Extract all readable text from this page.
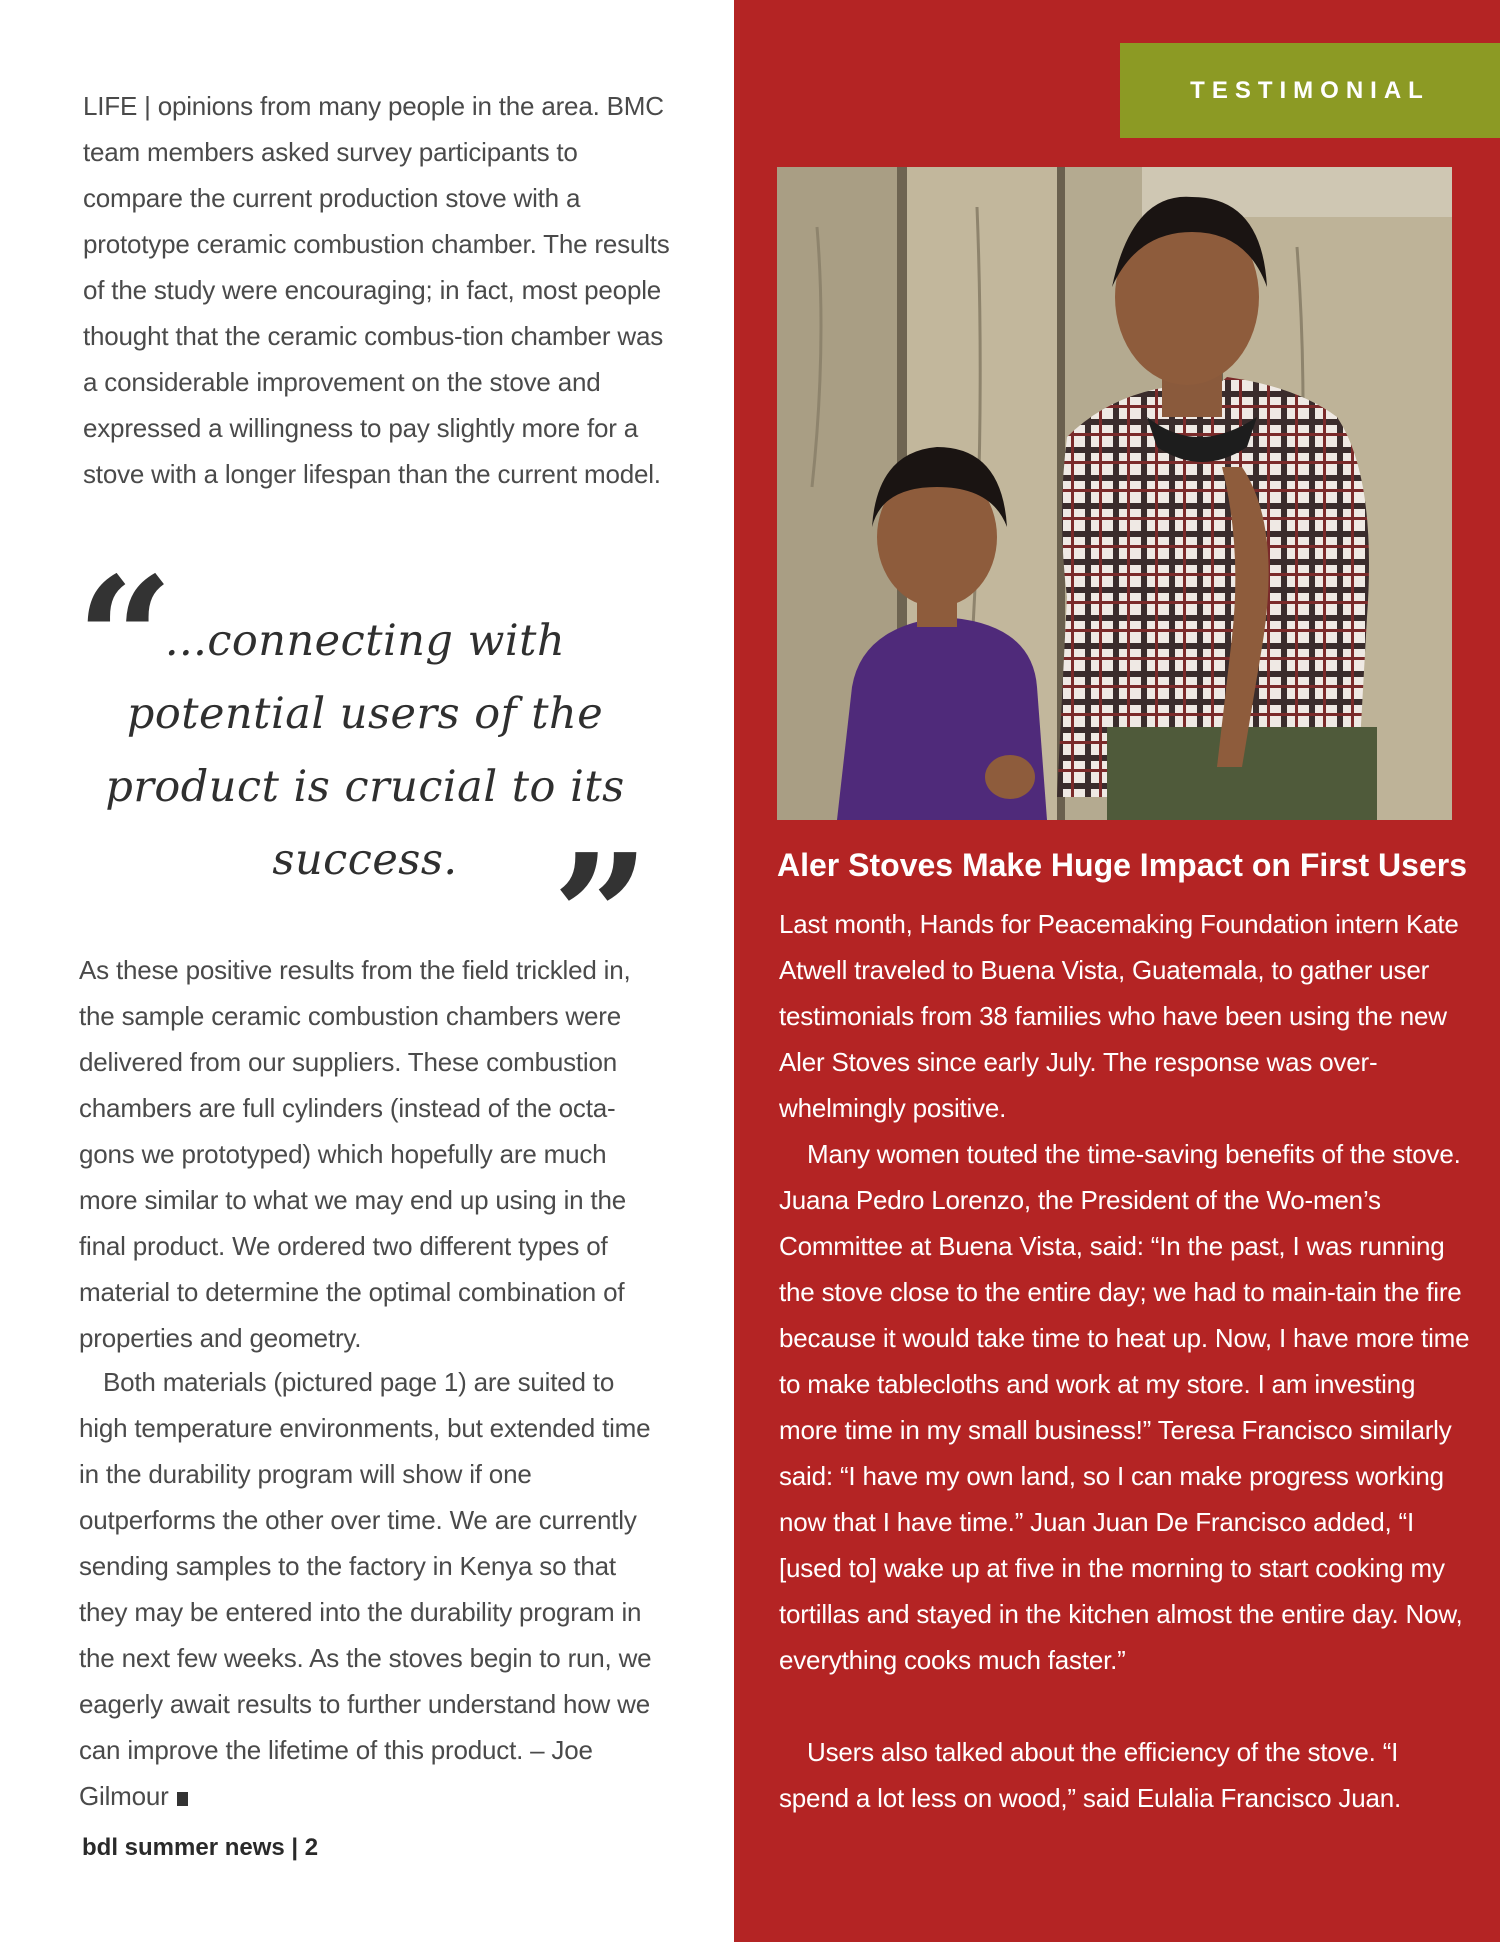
LIFE | opinions from many people in the area. BMC team members asked survey participants to compare the current production stove with a prototype ceramic combustion chamber. The results of the study were encouraging; in fact, most people thought that the ceramic combus-tion chamber was a considerable improvement on the stove and expressed a willingness to pay slightly more for a stove with a longer lifespan than the current model.

“

...connecting with potential users of the product is crucial to its success. ”

As these positive results from the field trickled in, the sample ceramic combustion chambers were delivered from our suppliers. These combustion chambers are full cylinders (instead of the octa-gons we prototyped) which hopefully are much more similar to what we may end up using in the final product. We ordered two different types of material to determine the optimal combination of properties and geometry.

Both materials (pictured page 1) are suited to high temperature environments, but extended time in the durability program will show if one outperforms the other over time. We are currently sending samples to the factory in Kenya so that they may be entered into the durability program in the next few weeks. As the stoves begin to run, we eagerly await results to further understand how we can improve the lifetime of this product. – Joe Gilmour

bdl summer news | 2

TESTIMONIAL
Aler Stoves Make Huge Impact on First Users

Last month, Hands for Peacemaking Foundation intern Kate Atwell traveled to Buena Vista, Guatemala, to gather user testimonials from 38 families who have been using the new Aler Stoves since early July. The response was over-whelmingly positive.

Many women touted the time-saving benefits of the stove. Juana Pedro Lorenzo, the President of the Wo-men’s Committee at Buena Vista, said: “In the past, I was running the stove close to the entire day; we had to main-tain the fire because it would take time to heat up. Now, I have more time to make tablecloths and work at my store. I am investing more time in my small business!” Teresa Francisco similarly said: “I have my own land, so I can make progress working now that I have time.” Juan Juan De Francisco added, “I [used to] wake up at five in the morning to start cooking my tortillas and stayed in the kitchen almost the entire day. Now, everything cooks much faster.”

Users also talked about the efficiency of the stove. “I spend a lot less on wood,” said Eulalia Francisco Juan.
